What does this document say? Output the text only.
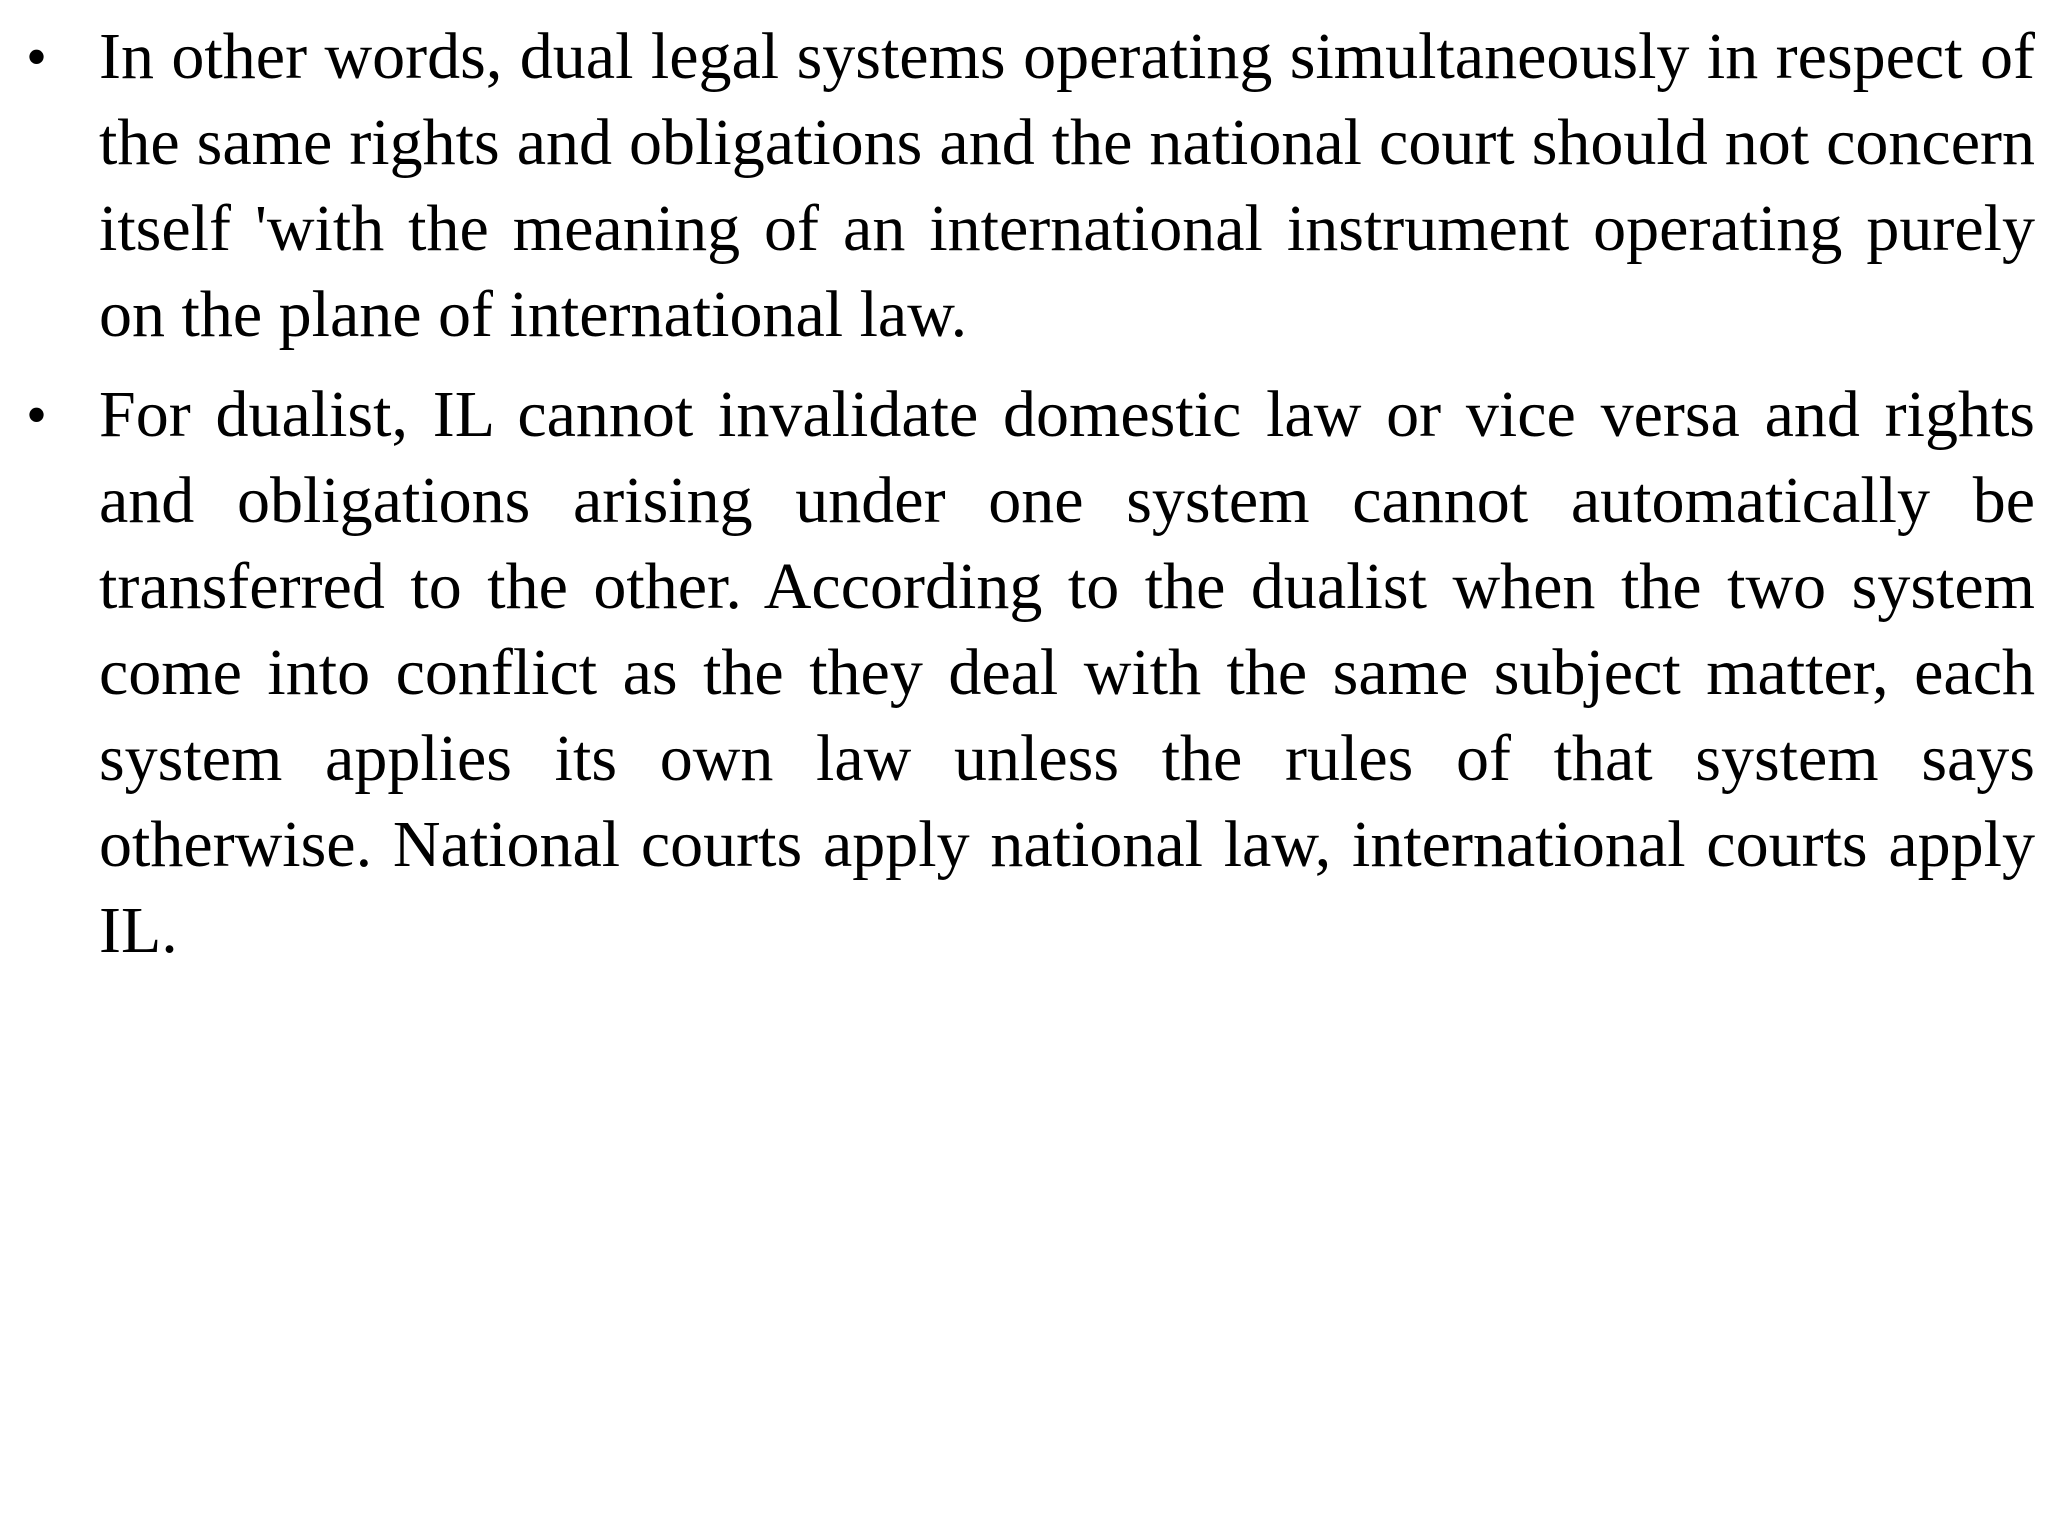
• In other words, dual legal systems operating simultaneously in respect of the same rights and obligations and the national court should not concern itself 'with the meaning of an international instrument operating purely on the plane of international law.
• For dualist, IL cannot invalidate domestic law or vice versa and rights and obligations arising under one system cannot automatically be transferred to the other. According to the dualist when the two system come into conflict as the they deal with the same subject matter, each system applies its own law unless the rules of that system says otherwise. National courts apply national law, international courts apply IL.
